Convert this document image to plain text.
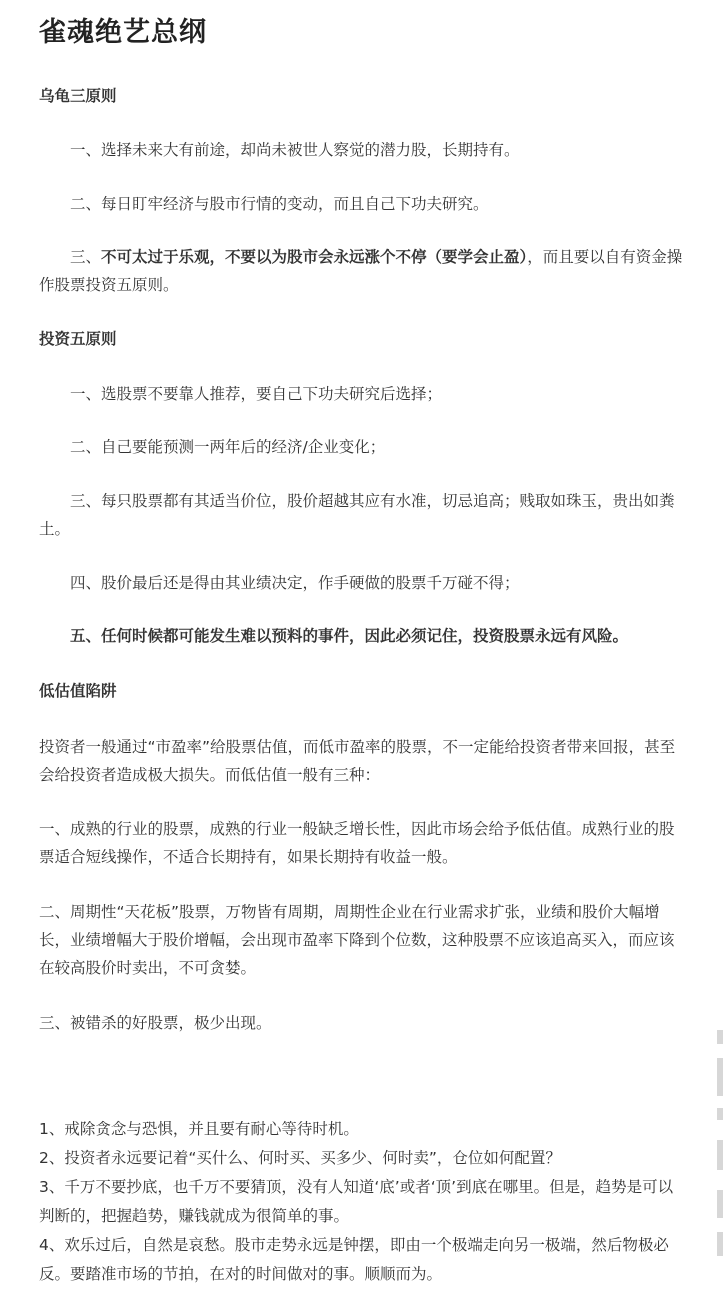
雀魂绝艺总纲
乌龟三原则

一、选择未来大有前途，却尚未被世人察觉的潜力股，长期持有。

二、每日盯牢经济与股市行情的变动，而且自己下功夫研究。

三、不可太过于乐观，不要以为股市会永远涨个不停（要学会止盈），而且要以自有资金操作股票投资五原则。

投资五原则

一、选股票不要靠人推荐，要自己下功夫研究后选择；

二、自己要能预测一两年后的经济/企业变化；

三、每只股票都有其适当价位，股价超越其应有水准，切忌追高；贱取如珠玉，贵出如粪土。

四、股价最后还是得由其业绩决定，作手硬做的股票千万碰不得；

五、任何时候都可能发生难以预料的事件，因此必须记住，投资股票永远有风险。

低估值陷阱

投资者一般通过“市盈率”给股票估值，而低市盈率的股票，不一定能给投资者带来回报，甚至会给投资者造成极大损失。而低估值一般有三种：

一、成熟的行业的股票，成熟的行业一般缺乏增长性，因此市场会给予低估值。成熟行业的股票适合短线操作，不适合长期持有，如果长期持有收益一般。

二、周期性“天花板”股票，万物皆有周期，周期性企业在行业需求扩张，业绩和股价大幅增长，业绩增幅大于股价增幅，会出现市盈率下降到个位数，这种股票不应该追高买入，而应该在较高股价时卖出，不可贪婪。

三、被错杀的好股票，极少出现。

1、戒除贪念与恐惧，并且要有耐心等待时机。

2、投资者永远要记着“买什么、何时买、买多少、何时卖”，仓位如何配置？

3、千万不要抄底，也千万不要猜顶，没有人知道‘底’或者‘顶’到底在哪里。但是，趋势是可以判断的，把握趋势，赚钱就成为很简单的事。

4、欢乐过后，自然是哀愁。股市走势永远是钟摆，即由一个极端走向另一极端，然后物极必反。要踏准市场的节拍，在对的时间做对的事。顺顺而为。
